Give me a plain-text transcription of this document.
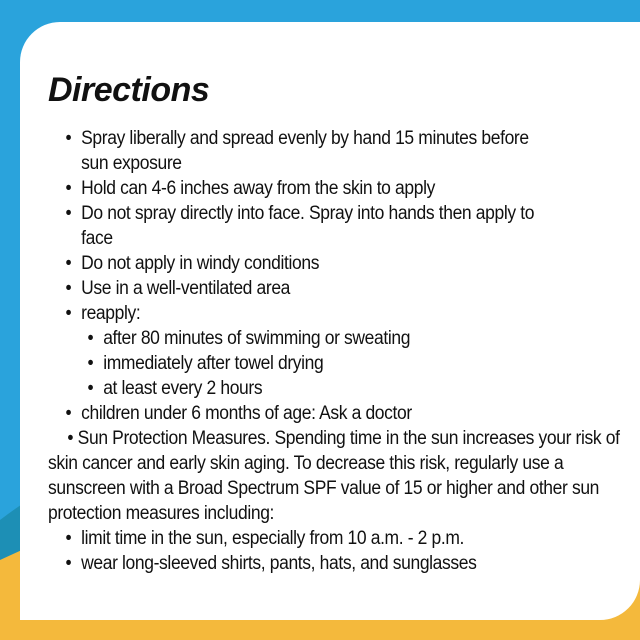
Directions
• Spray liberally and spread evenly by hand 15 minutes before sun exposure
• Hold can 4-6 inches away from the skin to apply
• Do not spray directly into face. Spray into hands then apply to face
• Do not apply in windy conditions
• Use in a well-ventilated area
• reapply:
• after 80 minutes of swimming or sweating
• immediately after towel drying
• at least every 2 hours
• children under 6 months of age: Ask a doctor
• Sun Protection Measures. Spending time in the sun increases your risk of skin cancer and early skin aging. To decrease this risk, regularly use a sunscreen with a Broad Spectrum SPF value of 15 or higher and other sun protection measures including:
• limit time in the sun, especially from 10 a.m. - 2 p.m.
• wear long-sleeved shirts, pants, hats, and sunglasses
